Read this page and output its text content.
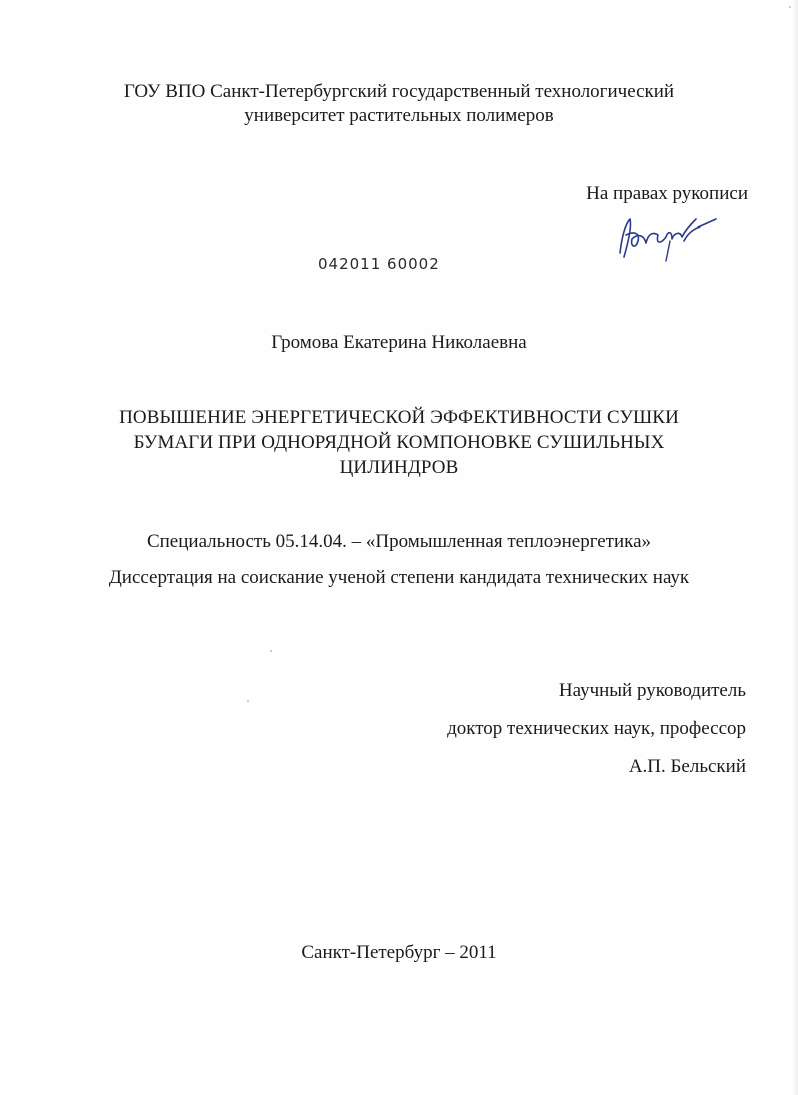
ГОУ ВПО Санкт-Петербургский государственный технологический
университет растительных полимеров
На правах рукописи
042011 60002
Громова Екатерина Николаевна
ПОВЫШЕНИЕ ЭНЕРГЕТИЧЕСКОЙ ЭФФЕКТИВНОСТИ СУШКИ
БУМАГИ ПРИ ОДНОРЯДНОЙ КОМПОНОВКЕ СУШИЛЬНЫХ
ЦИЛИНДРОВ
Специальность 05.14.04. – «Промышленная теплоэнергетика»
Диссертация на соискание ученой степени кандидата технических наук
Научный руководитель
доктор технических наук, профессор
А.П. Бельский
Санкт-Петербург – 2011
